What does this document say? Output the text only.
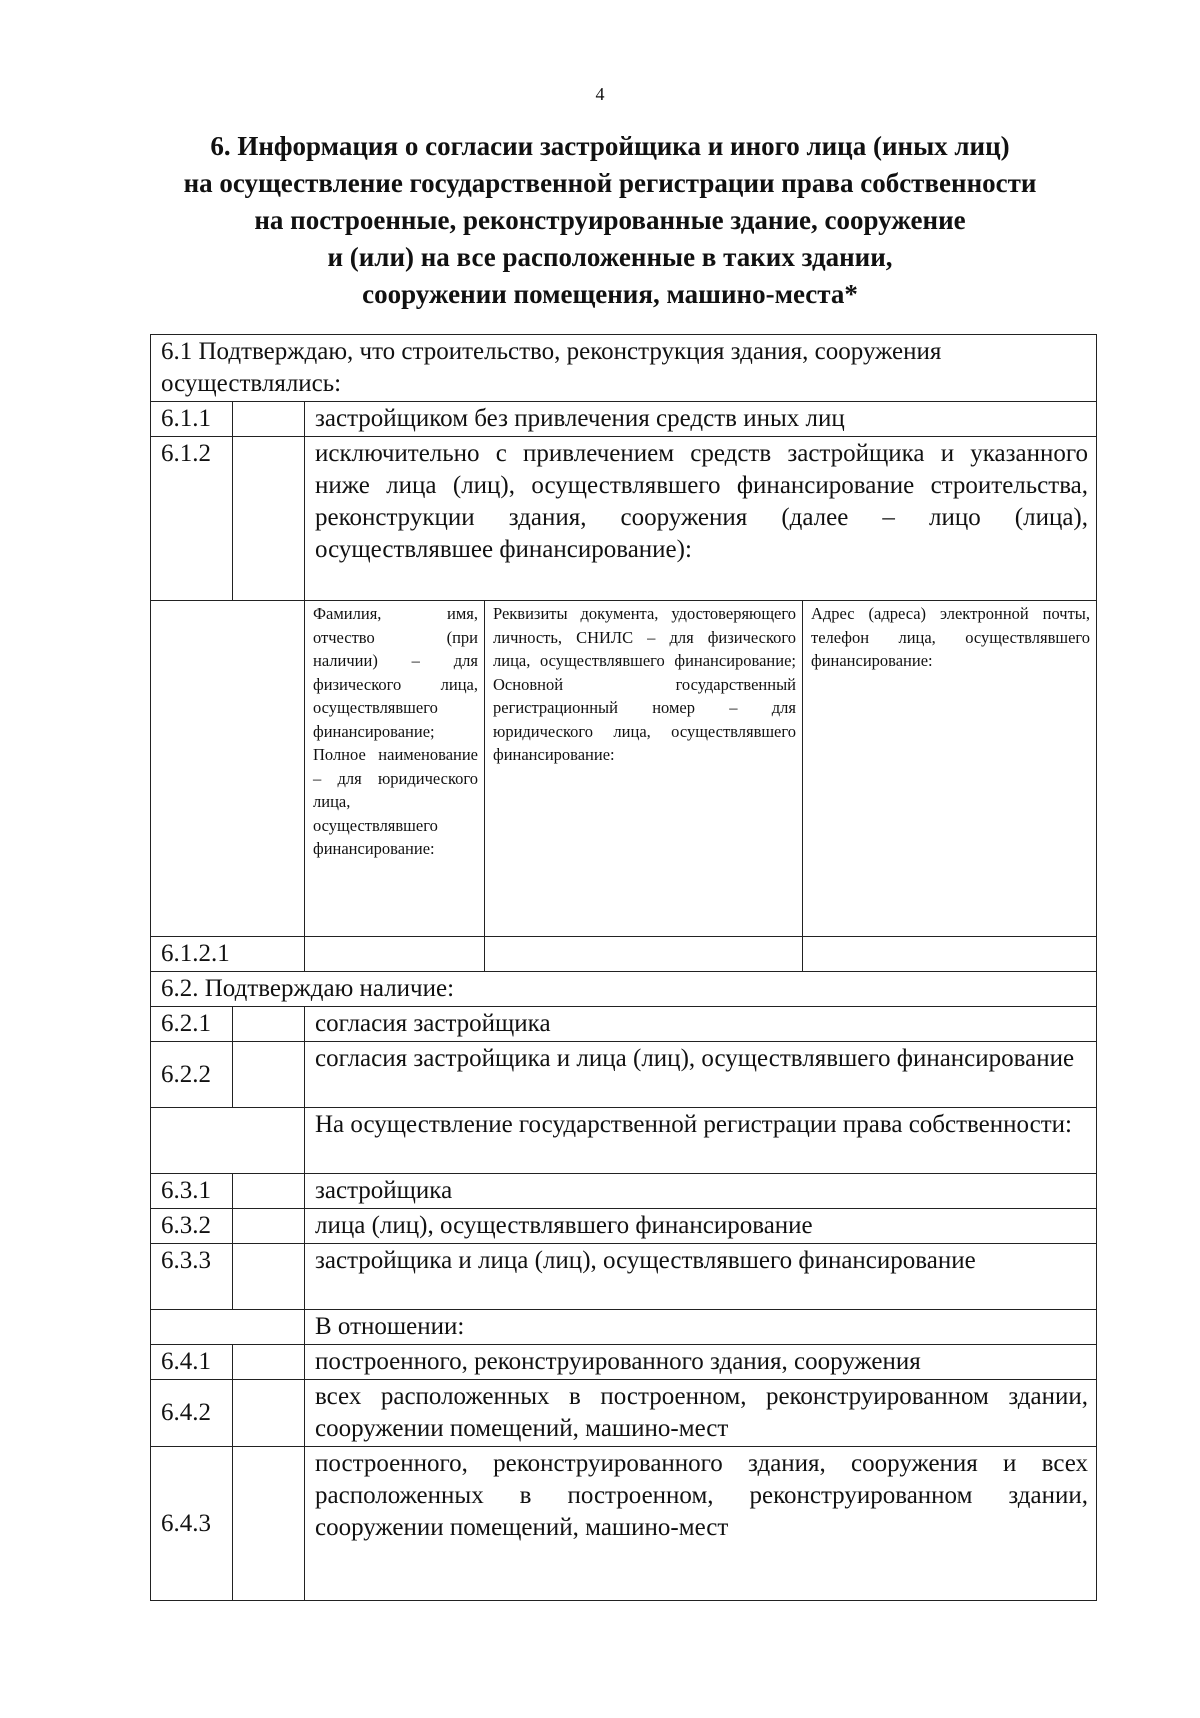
4
6. Информация о согласии застройщика и иного лица (иных лиц)
на осуществление государственной регистрации права собственности
на построенные, реконструированные здание, сооружение
и (или) на все расположенные в таких здании,
сооружении помещения, машино-места*
6.1 Подтверждаю, что строительство, реконструкция здания, сооружения осуществлялись:				
6.1.1		застройщиком без привлечения средств иных лиц		
6.1.2		исключительно с привлечением средств застройщика и указанного ниже лица (лиц), осуществлявшего финансирование строительства, реконструкции здания, сооружения (далее – лицо (лица), осуществлявшее финансирование):		
		Фамилия, имя, отчество (при наличии) – для физического лица, осуществлявшего финансирование; Полное наименование – для юридического лица, осуществлявшего финансирование:	Реквизиты документа, удостоверяющего личность, СНИЛС – для физического лица, осуществлявшего финансирование; Основной государственный регистрационный номер – для юридического лица, осуществлявшего финансирование:	Адрес (адреса) электронной почты, телефон лица, осуществлявшего финансирование:
6.1.2.1				
6.2. Подтверждаю наличие:				
6.2.1		согласия застройщика		
6.2.2		согласия застройщика и лица (лиц), осуществлявшего финансирование		
		На осуществление государственной регистрации права собственности:		
6.3.1		застройщика		
6.3.2		лица (лиц), осуществлявшего финансирование		
6.3.3		застройщика и лица (лиц), осуществлявшего финансирование		
		В отношении:		
6.4.1		построенного, реконструированного здания, сооружения		
6.4.2		всех расположенных в построенном, реконструированном здании, сооружении помещений, машино-мест		
6.4.3		построенного, реконструированного здания, сооружения и всех расположенных в построенном, реконструированном здании, сооружении помещений, машино-мест		
